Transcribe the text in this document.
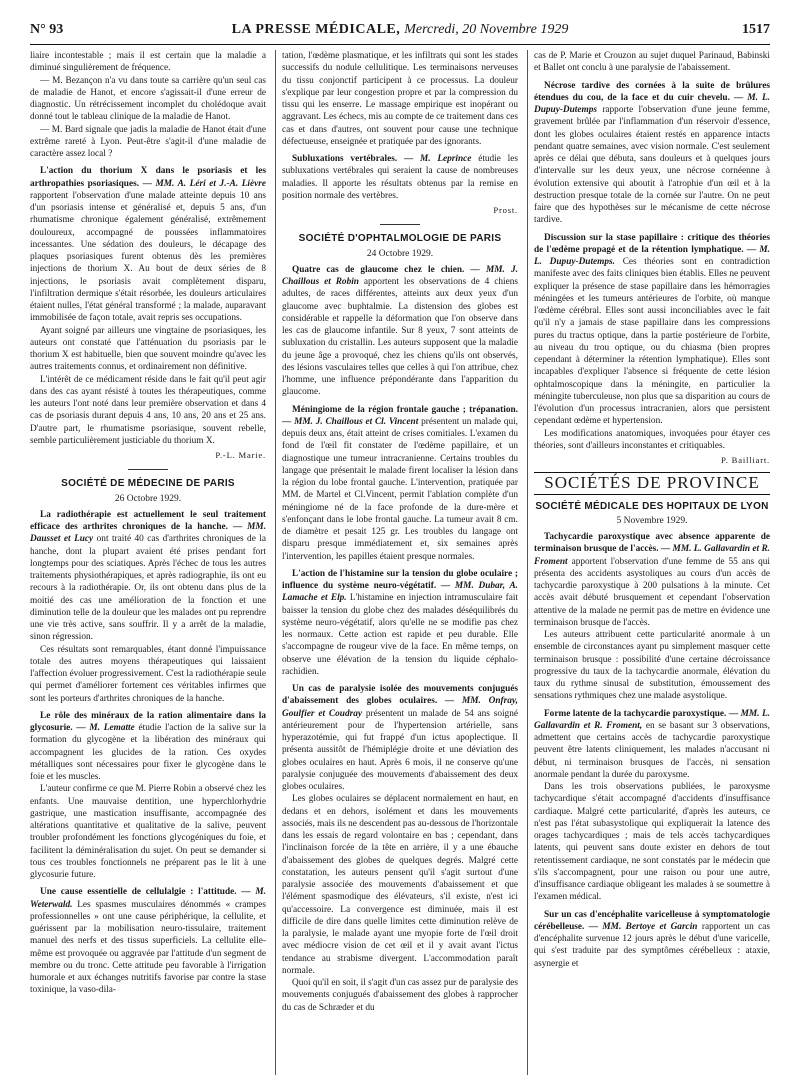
N° 93	LA PRESSE MÉDICALE, Mercredi, 20 Novembre 1929	1517

liaire incontestable ; mais il est certain que la maladie a diminué singulièrement de fréquence.

— M. Bezançon n'a vu dans toute sa carrière qu'un seul cas de maladie de Hanot, et encore s'agissait-il d'une erreur de diagnostic. Un rétrécissement incomplet du cholédoque avait donné tout le tableau clinique de la maladie de Hanot.

— M. Bard signale que jadis la maladie de Hanot était d'une extrême rareté à Lyon. Peut-être s'agit-il d'une maladie de caractère assez local ?

L'action du thorium X dans le psoriasis et les arthropathies psoriasiques. — MM. A. Léri et J.-A. Lièvre rapportent l'observation d'une malade atteinte depuis 10 ans d'un psoriasis intense et généralisé et, depuis 5 ans, d'un rhumatisme chronique également généralisé, extrêmement douloureux, accompagné de poussées inflammatoires incessantes. Une sédation des douleurs, le décapage des plaques psoriasiques furent obtenus dès les premières injections de thorium X. Au bout de deux séries de 8 injections, le psoriasis avait complètement disparu, l'infiltration dermique s'était résorbée, les douleurs articulaires étaient nulles, l'état général transformé ; la malade, auparavant immobilisée de façon totale, avait repris ses occupations.

Ayant soigné par ailleurs une vingtaine de psoriasiques, les auteurs ont constaté que l'atténuation du psoriasis par le thorium X est habituelle, bien que souvent moindre qu'avec les autres traitements connus, et ordinairement non définitive.

L'intérêt de ce médicament réside dans le fait qu'il peut agir dans des cas ayant résisté à toutes les thérapeutiques, comme les auteurs l'ont noté dans leur première observation et dans 4 cas de psoriasis durant depuis 4 ans, 10 ans, 20 ans et 25 ans. D'autre part, le rhumatisme psoriasique, souvent rebelle, semble particulièrement justiciable du thorium X.

P.-L. Marie.

SOCIÉTÉ DE MÉDECINE DE PARIS

26 Octobre 1929.

La radiothérapie est actuellement le seul traitement efficace des arthrites chroniques de la hanche. — MM. Dausset et Lucy ont traité 40 cas d'arthrites chroniques de la hanche, dont la plupart avaient été prises pendant fort longtemps pour des sciatiques. Après l'échec de tous les autres traitements physiothérapiques, et après radiographie, ils ont eu recours à la radiothérapie. Or, ils ont obtenu dans plus de la moitié des cas une amélioration de la fonction et une diminution telle de la douleur que les malades ont pu reprendre une vie très active, sans souffrir. Il y a arrêt de la maladie, sinon régression.

Ces résultats sont remarquables, étant donné l'impuissance totale des autres moyens thérapeutiques qui laissaient l'affection évoluer progressivement. C'est la radiothérapie seule qui permet d'améliorer fortement ces véritables infirmes que sont les porteurs d'arthrites chroniques de la hanche.

Le rôle des minéraux de la ration alimentaire dans la glycosurie. — M. Lematte étudie l'action de la salive sur la formation du glycogène et la libération des minéraux qui accompagnent les glucides de la ration. Ces oxydes métalliques sont nécessaires pour fixer le glycogène dans le foie et les muscles.

L'auteur confirme ce que M. Pierre Robin a observé chez les enfants. Une mauvaise dentition, une hyperchlorhydrie gastrique, une mastication insuffisante, accompagnée des altérations quantitative et qualitative de la salive, peuvent troubler profondément les fonctions glycogéniques du foie, et facilitent la déminéralisation du sujet. On peut se demander si tous ces troubles fonctionnels ne préparent pas le lit à une glycosurie future.

Une cause essentielle de cellulalgie : l'attitude. — M. Weterwald. Les spasmes musculaires dénommés « crampes professionnelles » ont une cause périphérique, la cellulite, et guérissent par la mobilisation neuro-tissulaire, traitement manuel des nerfs et des tissus superficiels. La cellulite elle-même est provoquée ou aggravée par l'attitude d'un segment de membre ou du tronc. Cette attitude peu favorable à l'irrigation humorale et aux échanges nutritifs favorise par contre la stase toxinique, la vaso-dila-

tation, l'œdème plasmatique, et les infiltrats qui sont les stades successifs du nodule cellulitique. Les terminaisons nerveuses du tissu conjonctif participent à ce processus. La douleur s'explique par leur congestion propre et par la compression du tissu qui les enserre. Le massage empirique est inopérant ou aggravant. Les échecs, mis au compte de ce traitement dans ces cas et dans d'autres, ont souvent pour cause une technique défectueuse, enseignée et pratiquée par des ignorants.

Subluxations vertébrales. — M. Leprince étudie les subluxations vertébrales qui seraient la cause de nombreuses maladies. Il apporte les résultats obtenus par la remise en position normale des vertèbres.

Prost.

SOCIÉTÉ D'OPHTALMOLOGIE DE PARIS

24 Octobre 1929.

Quatre cas de glaucome chez le chien. — MM. J. Chaillous et Robin apportent les observations de 4 chiens adultes, de races différentes, atteints aux deux yeux d'un glaucome avec buphtalmie. La distension des globes est considérable et rappelle la déformation que l'on observe dans les cas de glaucome infantile. Sur 8 yeux, 7 sont atteints de subluxation du cristallin. Les auteurs supposent que la maladie du jeune âge a provoqué, chez les chiens qu'ils ont observés, des lésions vasculaires telles que celles à qui l'on attribue, chez l'homme, une influence prépondérante dans l'apparition du glaucome.

Méningiome de la région frontale gauche ; trépanation. — MM. J. Chaillous et Cl. Vincent présentent un malade qui, depuis deux ans, était atteint de crises comitiales. L'examen du fond de l'œil fit constater de l'œdème papillaire, et un diagnostique une tumeur intracranienne. Certains troubles du langage que présentait le malade firent localiser la lésion dans la région du lobe frontal gauche. L'intervention, pratiquée par MM. de Martel et Cl.Vincent, permit l'ablation complète d'un méningiome né de la face profonde de la dure-mère et s'enfonçant dans le lobe frontal gauche. La tumeur avait 8 cm. de diamètre et pesait 125 gr. Les troubles du langage ont disparu presque immédiatement et, six semaines après l'intervention, les papilles étaient presque normales.

L'action de l'histamine sur la tension du globe oculaire ; influence du système neuro-végétatif. — MM. Dubar, A. Lamache et Elp. L'histamine en injection intramusculaire fait baisser la tension du globe chez des malades déséquilibrés du système neuro-végétatif, alors qu'elle ne se modifie pas chez les normaux. Cette action est rapide et peu durable. Elle s'accompagne de rougeur vive de la face. En même temps, on observe une élévation de la tension du liquide céphalo-rachidien.

Un cas de paralysie isolée des mouvements conjugués d'abaissement des globes oculaires. — MM. Onfray, Goulfier et Coudray présentent un malade de 54 ans soigné antérieurement pour de l'hypertension artérielle, sans hyperazotémie, qui fut frappé d'un ictus apoplectique. Il présenta aussitôt de l'hémiplégie droite et une déviation des globes oculaires en haut. Après 6 mois, il ne conserve qu'une paralysie conjuguée des mouvements d'abaissement des deux globes oculaires.

Les globes oculaires se déplacent normalement en haut, en dedans et en dehors, isolément et dans les mouvements associés, mais ils ne descendent pas au-dessous de l'horizontale dans les essais de regard volontaire en bas ; cependant, dans l'inclinaison forcée de la tête en arrière, il y a une ébauche d'abaissement des globes de quelques degrés. Malgré cette constatation, les auteurs pensent qu'il s'agit surtout d'une paralysie associée des mouvements d'abaissement et que l'élément spasmodique des élévateurs, s'il existe, n'est ici qu'accessoire. La convergence est diminuée, mais il est difficile de dire dans quelle limites cette diminution relève de la paralysie, le malade ayant une myopie forte de l'œil droit avec médiocre vision de cet œil et il y avait avant l'ictus tendance au strabisme divergent. L'accommodation paraît normale.

Quoi qu'il en soit, il s'agit d'un cas assez pur de paralysie des mouvements conjugués d'abaissement des globes à rapprocher du cas de Schræder et du

cas de P. Marie et Crouzon au sujet duquel Parinaud, Babinski et Ballet ont conclu à une paralysie de l'abaissement.

Nécrose tardive des cornées à la suite de brûlures étendues du cou, de la face et du cuir chevelu. — M. L. Dupuy-Dutemps rapporte l'observation d'une jeune femme, gravement brûlée par l'inflammation d'un réservoir d'essence, dont les globes oculaires étaient restés en apparence intacts pendant quatre semaines, avec vision normale. C'est seulement après ce délai que débuta, sans douleurs et à quelques jours d'intervalle sur les deux yeux, une nécrose cornéenne à évolution extensive qui aboutit à l'atrophie d'un œil et à la destruction presque totale de la cornée sur l'autre. On ne peut faire que des hypothèses sur le mécanisme de cette nécrose tardive.

Discussion sur la stase papillaire : critique des théories de l'œdème propagé et de la rétention lymphatique. — M. L. Dupuy-Dutemps. Ces théories sont en contradiction manifeste avec des faits cliniques bien établis. Elles ne peuvent expliquer la présence de stase papillaire dans les hémorragies méningées et les tumeurs antérieures de l'orbite, où manque l'œdème cérébral. Elles sont aussi inconciliables avec le fait qu'il n'y a jamais de stase papillaire dans les compressions pures du tractus optique, dans la partie postérieure de l'orbite, au niveau du trou optique, ou du chiasma (bien propres cependant à déterminer la rétention lymphatique). Elles sont incapables d'expliquer l'absence si fréquente de cette lésion ophtalmoscopique dans la méningite, en particulier la méningite tuberculeuse, non plus que sa disparition au cours de l'évolution d'un processus intracranien, alors que persistent cependant œdème et hypertension.

Les modifications anatomiques, invoquées pour étayer ces théories, sont d'ailleurs inconstantes et critiquables.

P. Bailliart.

SOCIÉTÉS DE PROVINCE

SOCIÉTÉ MÉDICALE DES HOPITAUX DE LYON

5 Novembre 1929.

Tachycardie paroxystique avec absence apparente de terminaison brusque de l'accès. — MM. L. Gallavardin et R. Froment apportent l'observation d'une femme de 55 ans qui présenta des accidents asystoliques au cours d'un accès de tachycardie paroxystique à 200 pulsations à la minute. Cet accès avait débuté brusquement et cependant l'observation attentive de la malade ne permit pas de mettre en évidence une terminaison brusque de l'accès.

Les auteurs attribuent cette particularité anormale à un ensemble de circonstances ayant pu simplement masquer cette terminaison brusque : possibilité d'une certaine décroissance progressive du taux de la tachycardie anormale, élévation du taux du rythme sinusal de substitution, émoussement des sensations rythmiques chez une malade asystolique.

Forme latente de la tachycardie paroxystique. — MM. L. Gallavardin et R. Froment, en se basant sur 3 observations, admettent que certains accès de tachycardie paroxystique peuvent être latents cliniquement, les malades n'accusant ni début, ni terminaison brusques de l'accès, ni sensation anormale pendant la durée du paroxysme.

Dans les trois observations publiées, le paroxysme tachycardique s'était accompagné d'accidents d'insuffisance cardiaque. Malgré cette particularité, d'après les auteurs, ce n'est pas l'état subasystolique qui expliquerait la latence des orages tachycardiques ; mais de tels accès tachycardiques latents, qui peuvent sans doute exister en dehors de tout retentissement cardiaque, ne sont constatés par le médecin que s'ils s'accompagnent, pour une raison ou pour une autre, d'insuffisance cardiaque obligeant les malades à se soumettre à l'examen médical.

Sur un cas d'encéphalite varicelleuse à symptomatologie cérébelleuse. — MM. Bertoye et Garcin rapportent un cas d'encéphalite survenue 12 jours après le début d'une varicelle, qui s'est traduite par des symptômes cérébelleux : ataxie, asynergie et
